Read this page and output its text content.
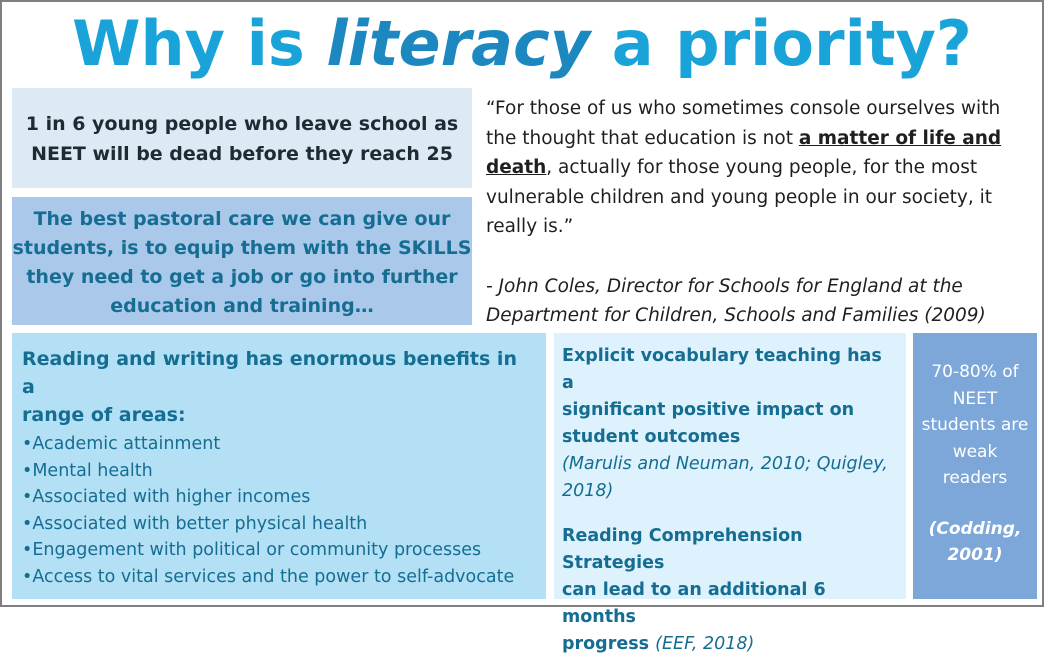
Why is literacy a priority?
1 in 6 young people who leave school as
NEET will be dead before they reach 25
The best pastoral care we can give our
students, is to equip them with the SKILLS
they need to get a job or go into further
education and training…
“For those of us who sometimes console ourselves with
the thought that education is not a matter of life and
death, actually for those young people, for the most
vulnerable children and young people in our society, it
really is.”
- John Coles, Director for Schools for England at the
Department for Children, Schools and Families (2009)
Reading and writing has enormous benefits in a
range of areas:
• Academic attainment
• Mental health
• Associated with higher incomes
• Associated with better physical health
• Engagement with political or community processes
• Access to vital services and the power to self-advocate
Explicit vocabulary teaching has a
significant positive impact on
student outcomes
(Marulis and Neuman, 2010; Quigley,
2018)
Reading Comprehension Strategies
can lead to an additional 6 months
progress (EEF, 2018)
70-80% of
NEET
students are
weak
readers
(Codding,
2001)
